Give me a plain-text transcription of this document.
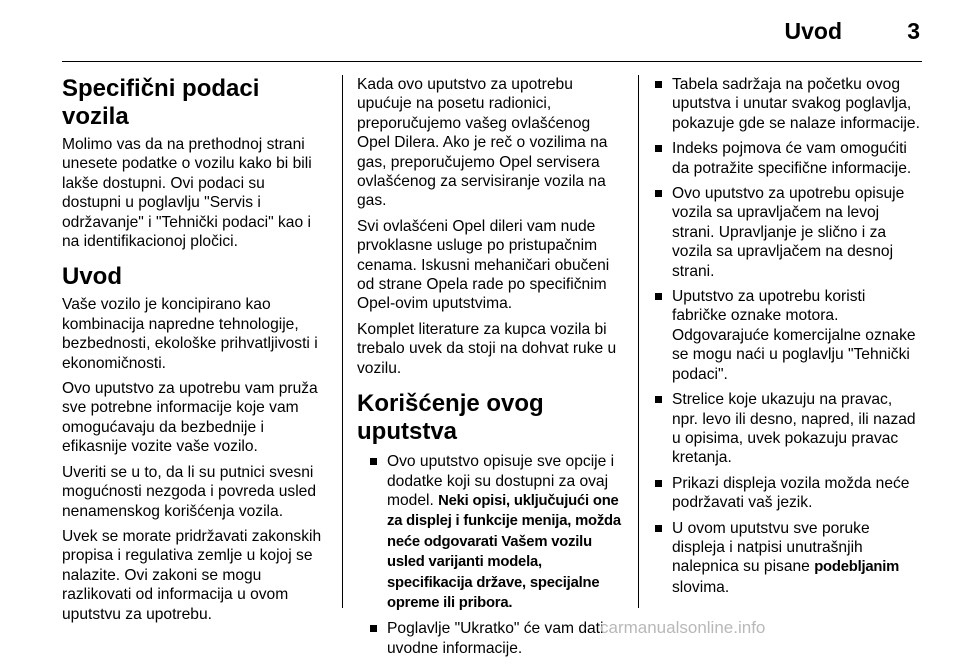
Uvod	3
Specifični podaci vozila

Molimo vas da na prethodnoj strani unesete podatke o vozilu kako bi bili lakše dostupni. Ovi podaci su dostupni u poglavlju "Servis i održavanje" i "Tehnički podaci" kao i na identifikacionoj pločici.

Uvod

Vaše vozilo je koncipirano kao kombinacija napredne tehnologije, bezbednosti, ekološke prihvatljivosti i ekonomičnosti.

Ovo uputstvo za upotrebu vam pruža sve potrebne informacije koje vam omogućavaju da bezbednije i efikasnije vozite vaše vozilo.

Uveriti se u to, da li su putnici svesni mogućnosti nezgoda i povreda usled nenamenskog korišćenja vozila.

Uvek se morate pridržavati zakonskih propisa i regulativa zemlje u kojoj se nalazite. Ovi zakoni se mogu razlikovati od informacija u ovom uputstvu za upotrebu.

Kada ovo uputstvo za upotrebu upućuje na posetu radionici, preporučujemo vašeg ovlašćenog Opel Dilera. Ako je reč o vozilima na gas, preporučujemo Opel servisera ovlašćenog za servisiranje vozila na gas.

Svi ovlašćeni Opel dileri vam nude prvoklasne usluge po pristupačnim cenama. Iskusni mehaničari obučeni od strane Opela rade po specifičnim Opel-ovim uputstvima.

Komplet literature za kupca vozila bi trebalo uvek da stoji na dohvat ruke u vozilu.

Korišćenje ovog uputstva
Ovo uputstvo opisuje sve opcije i dodatke koji su dostupni za ovaj model. Neki opisi, uključujući one za displej i funkcije menija, možda neće odgovarati Vašem vozilu usled varijanti modela, specifikacija države, specijalne opreme ili pribora.
Poglavlje "Ukratko" će vam dati uvodne informacije.
Tabela sadržaja na početku ovog uputstva i unutar svakog poglavlja, pokazuje gde se nalaze informacije.
Indeks pojmova će vam omogućiti da potražite specifične informacije.
Ovo uputstvo za upotrebu opisuje vozila sa upravljačem na levoj strani. Upravljanje je slično i za vozila sa upravljačem na desnoj strani.
Uputstvo za upotrebu koristi fabričke oznake motora. Odgovarajuće komercijalne oznake se mogu naći u poglavlju "Tehnički podaci".
Strelice koje ukazuju na pravac, npr. levo ili desno, napred, ili nazad u opisima, uvek pokazuju pravac kretanja.
Prikazi displeja vozila možda neće podržavati vaš jezik.
U ovom uputstvu sve poruke displeja i natpisi unutrašnjih nalepnica su pisane podebljanim slovima.
carmanualsonline.info
